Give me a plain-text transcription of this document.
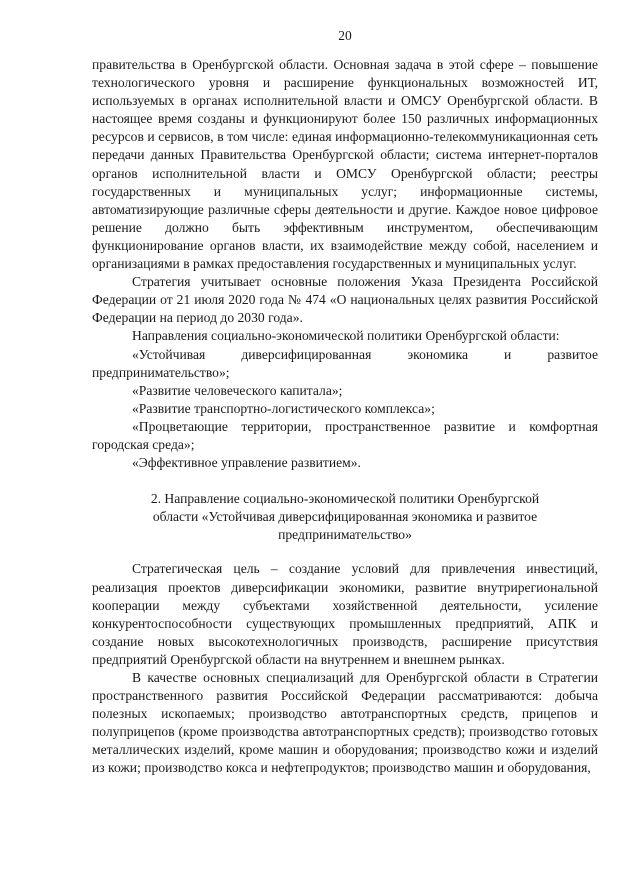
20

правительства в Оренбургской области. Основная задача в этой сфере – повышение технологического уровня и расширение функциональных возможностей ИТ, используемых в органах исполнительной власти и ОМСУ Оренбургской области. В настоящее время созданы и функционируют более 150 различных информационных ресурсов и сервисов, в том числе: единая информационно-телекоммуникационная сеть передачи данных Правительства Оренбургской области; система интернет-порталов органов исполнительной власти и ОМСУ Оренбургской области; реестры государственных и муниципальных услуг; информационные системы, автоматизирующие различные сферы деятельности и другие. Каждое новое цифровое решение должно быть эффективным инструментом, обеспечивающим функционирование органов власти, их взаимодействие между собой, населением и организациями в рамках предоставления государственных и муниципальных услуг.

Стратегия учитывает основные положения Указа Президента Российской Федерации от 21 июля 2020 года № 474 «О национальных целях развития Российской Федерации на период до 2030 года».

Направления социально-экономической политики Оренбургской области:

«Устойчивая диверсифицированная экономика и развитое предпринимательство»;

«Развитие человеческого капитала»;

«Развитие транспортно-логистического комплекса»;

«Процветающие территории, пространственное развитие и комфортная городская среда»;

«Эффективное управление развитием».

2. Направление социально-экономической политики Оренбургской
области «Устойчивая диверсифицированная экономика и развитое
предпринимательство»

Стратегическая цель – создание условий для привлечения инвестиций, реализация проектов диверсификации экономики, развитие внутрирегиональной кооперации между субъектами хозяйственной деятельности, усиление конкурентоспособности существующих промышленных предприятий, АПК и создание новых высокотехнологичных производств, расширение присутствия предприятий Оренбургской области на внутреннем и внешнем рынках.

В качестве основных специализаций для Оренбургской области в Стратегии пространственного развития Российской Федерации рассматриваются: добыча полезных ископаемых; производство автотранспортных средств, прицепов и полуприцепов (кроме производства автотранспортных средств); производство готовых металлических изделий, кроме машин и оборудования; производство кожи и изделий из кожи; производство кокса и нефтепродуктов; производство машин и оборудования,
